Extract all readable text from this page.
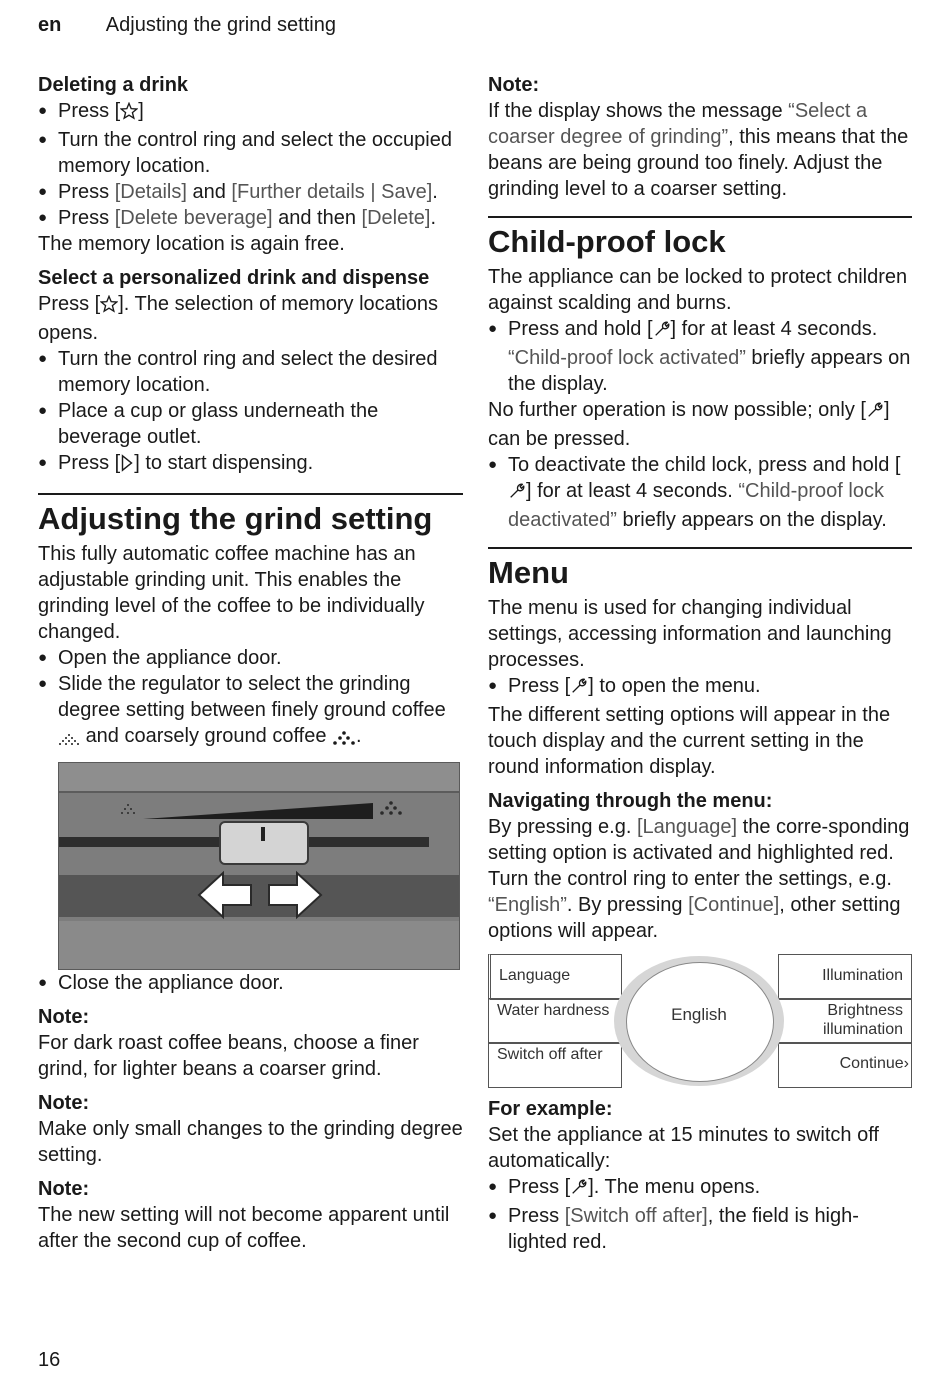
en Adjusting the grind setting

Deleting a drink

● Press [ ]
● Turn the control ring and select the occupied memory location.
● Press [Details] and [Further details | Save].
● Press [Delete beverage] and then [Delete].

The memory location is again free.

Select a personalized drink and dispense

Press [ ]. The selection of memory locations opens.

● Turn the control ring and select the desired memory location.
● Place a cup or glass underneath the beverage outlet.
● Press [ ] to start dispensing.
Adjusting the grind setting

This fully automatic coffee machine has an adjustable grinding unit. This enables the grinding level of the coffee to be individually changed.

● Open the appliance door.
● Slide the regulator to select the grinding degree setting between finely ground coffee  and coarsely ground coffee .
● Close the appliance door.

Note:

For dark roast coffee beans, choose a finer grind, for lighter beans a coarser grind.

Note:

Make only small changes to the grinding degree setting.

Note:

The new setting will not become apparent until after the second cup of coffee.

Note:

If the display shows the message “Select a coarser degree of grinding”, this means that the beans are being ground too finely. Adjust the grinding level to a coarser setting.

Child-proof lock

The appliance can be locked to protect children against scalding and burns.

● Press and hold [ ] for at least 4 seconds. “Child-proof lock activated” briefly appears on the display.

No further operation is now possible; only [ ] can be pressed.

● To deactivate the child lock, press and hold [] for at least 4 seconds. “Child-proof lock deactivated” briefly appears on the display.
Menu

The menu is used for changing individual settings, accessing information and launching processes.

● Press [ ] to open the menu.

The different setting options will appear in the touch display and the current setting in the round information display.

Navigating through the menu:

By pressing e.g. [Language] the corre-sponding setting option is activated and highlighted red.

Turn the control ring to enter the settings, e.g. “English”. By pressing [Continue], other setting options will appear.

Language
Water hardness
Switch off after
Illumination
Brightness illumination
Continue›
English

For example:

Set the appliance at 15 minutes to switch off automatically:

● Press [ ]. The menu opens.
● Press [Switch off after], the field is high-lighted red.
16
